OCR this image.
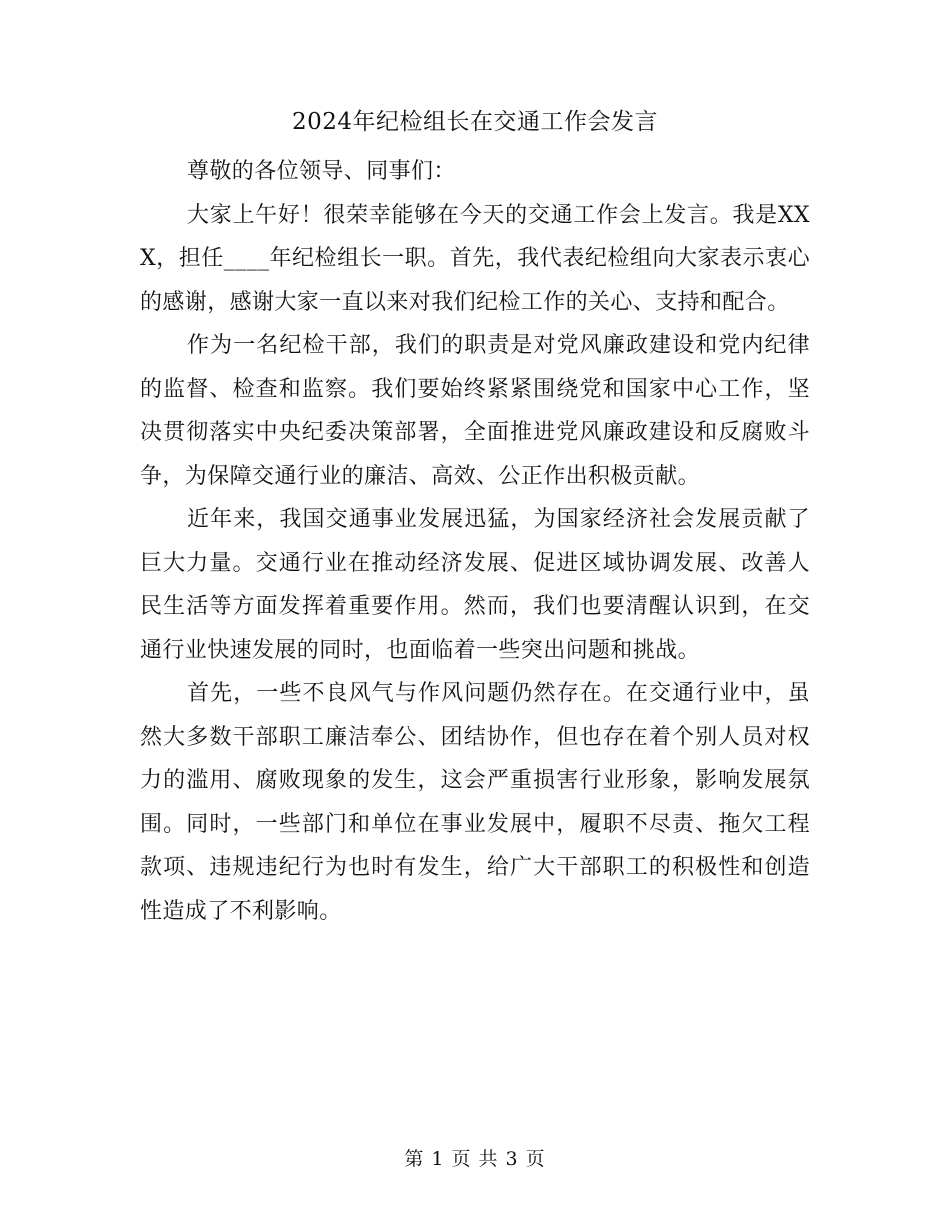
2024年纪检组长在交通工作会发言

尊敬的各位领导、同事们：

大家上午好！很荣幸能够在今天的交通工作会上发言。我是XXX，担任____年纪检组长一职。首先，我代表纪检组向大家表示衷心的感谢，感谢大家一直以来对我们纪检工作的关心、支持和配合。

作为一名纪检干部，我们的职责是对党风廉政建设和党内纪律的监督、检查和监察。我们要始终紧紧围绕党和国家中心工作，坚决贯彻落实中央纪委决策部署，全面推进党风廉政建设和反腐败斗争，为保障交通行业的廉洁、高效、公正作出积极贡献。

近年来，我国交通事业发展迅猛，为国家经济社会发展贡献了巨大力量。交通行业在推动经济发展、促进区域协调发展、改善人民生活等方面发挥着重要作用。然而，我们也要清醒认识到，在交通行业快速发展的同时，也面临着一些突出问题和挑战。

首先，一些不良风气与作风问题仍然存在。在交通行业中，虽然大多数干部职工廉洁奉公、团结协作，但也存在着个别人员对权力的滥用、腐败现象的发生，这会严重损害行业形象，影响发展氛围。同时，一些部门和单位在事业发展中，履职不尽责、拖欠工程款项、违规违纪行为也时有发生，给广大干部职工的积极性和创造性造成了不利影响。

第 1 页 共 3 页
